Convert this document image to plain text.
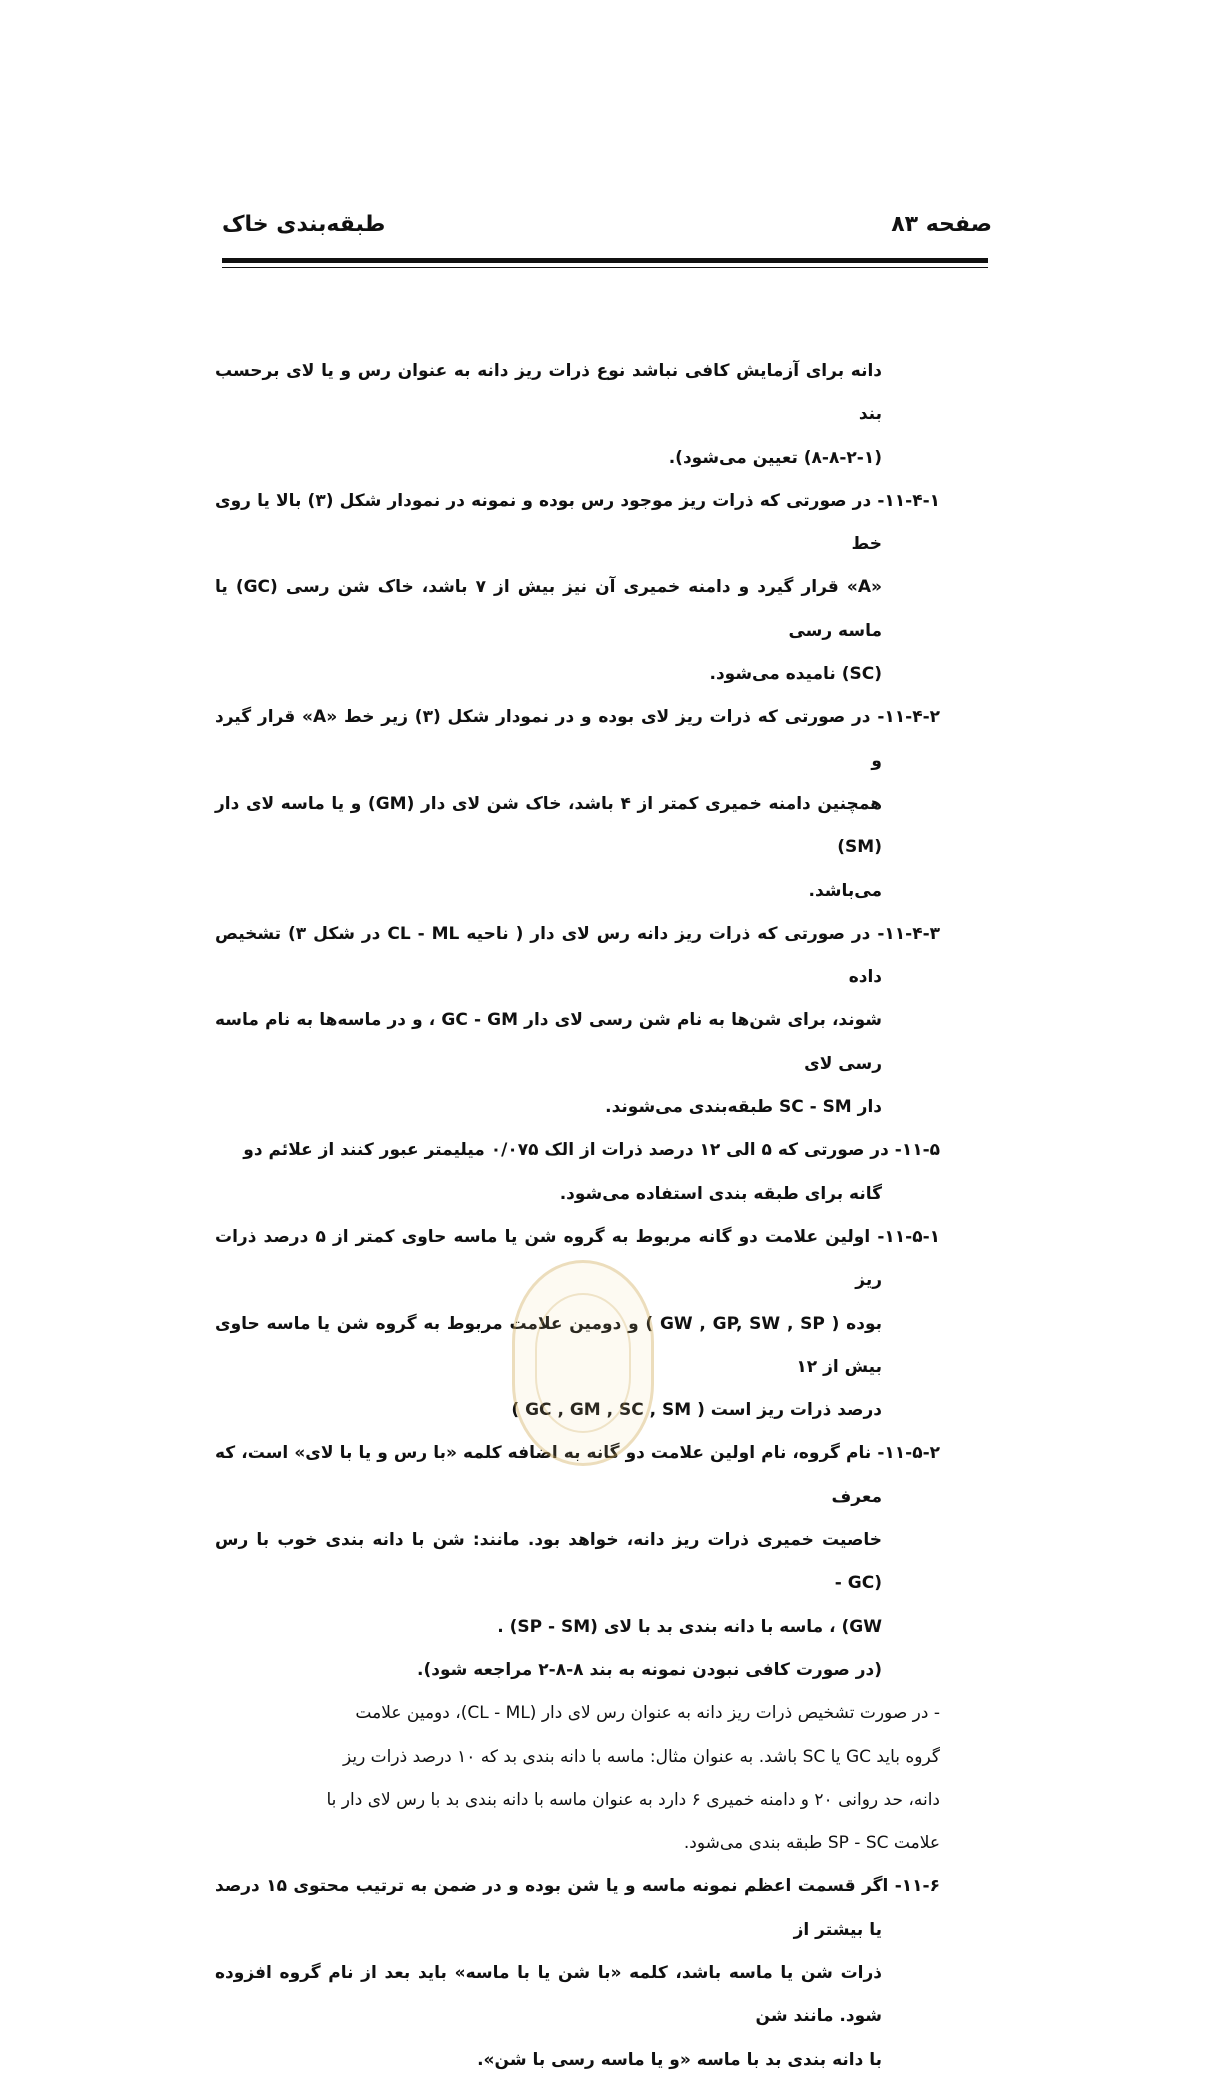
طبقه‌بندی خاک	صفحه ۸۳
دانه برای آزمایش کافی نباشد نوع ذرات ریز دانه به عنوان رس و یا لای برحسب بند
(۸-۸-۲-۱) تعیین می‌شود).
۱۱-۴-۱- در صورتی که ذرات ریز موجود رس بوده و نمونه در نمودار شکل (۳) بالا یا روی خط
«A» قرار گیرد و دامنه خمیری آن نیز بیش از ۷ باشد، خاک شن رسی (GC) یا ماسه رسی
(SC) نامیده می‌شود.
۱۱-۴-۲- در صورتی که ذرات ریز لای بوده و در نمودار شکل (۳) زیر خط «A» قرار گیرد و
همچنین دامنه خمیری کمتر از ۴ باشد، خاک شن لای دار (GM) و یا ماسه لای دار (SM)
می‌باشد.
۱۱-۴-۳- در صورتی که ذرات ریز دانه رس لای دار ( ناحیه CL - ML در شکل ۳) تشخیص داده
شوند، برای شن‌ها به نام شن رسی لای دار GC - GM ، و در ماسه‌ها به نام ماسه رسی لای
دار SC - SM طبقه‌بندی می‌شوند.
۱۱-۵- در صورتی که ۵ الی ۱۲ درصد ذرات از الک ۰/۰۷۵ میلیمتر عبور کنند از علائم دو
گانه برای طبقه بندی استفاده می‌شود.
۱۱-۵-۱- اولین علامت دو گانه مربوط به گروه شن یا ماسه حاوی کمتر از ۵ درصد ذرات ریز
بوده ( GW , GP, SW , SP ) و دومین علامت مربوط به گروه شن یا ماسه حاوی بیش از ۱۲
درصد ذرات ریز است ( GC , GM , SC , SM )
۱۱-۵-۲- نام گروه، نام اولین علامت دو گانه به اضافه کلمه «با رس و یا با لای» است، که معرف
خاصیت خمیری ذرات ریز دانه، خواهد بود. مانند: شن با دانه بندی خوب با رس (GC -
GW) ، ماسه با دانه بندی بد با لای (SP - SM) .
(در صورت کافی نبودن نمونه به بند ۸-۸-۲ مراجعه شود).
- در صورت تشخیص ذرات ریز دانه به عنوان رس لای دار (CL - ML)، دومین علامت
گروه باید GC یا SC باشد. به عنوان مثال: ماسه با دانه بندی بد که ۱۰ درصد ذرات ریز
دانه، حد روانی ۲۰ و دامنه خمیری ۶ دارد به عنوان ماسه با دانه بندی بد با رس لای دار با
علامت SP - SC طبقه بندی می‌شود.
۱۱-۶- اگر قسمت اعظم نمونه ماسه و یا شن بوده و در ضمن به ترتیب محتوی ۱۵ درصد یا بیشتر از
ذرات شن یا ماسه باشد، کلمه «با شن یا با ماسه» باید بعد از نام گروه افزوده شود. مانند شن
با دانه بندی بد با ماسه «و یا ماسه رسی با شن».
